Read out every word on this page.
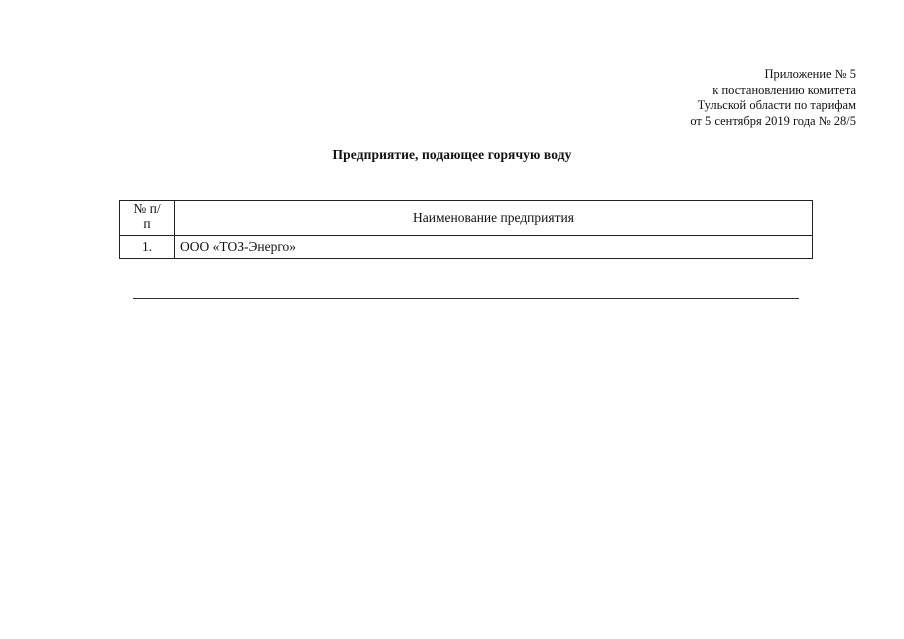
Приложение № 5
к постановлению комитета
Тульской области по тарифам
от 5 сентября 2019 года № 28/5
Предприятие, подающее горячую воду
№ п/
п	Наименование предприятия
1.	ООО «ТОЗ-Энерго»
